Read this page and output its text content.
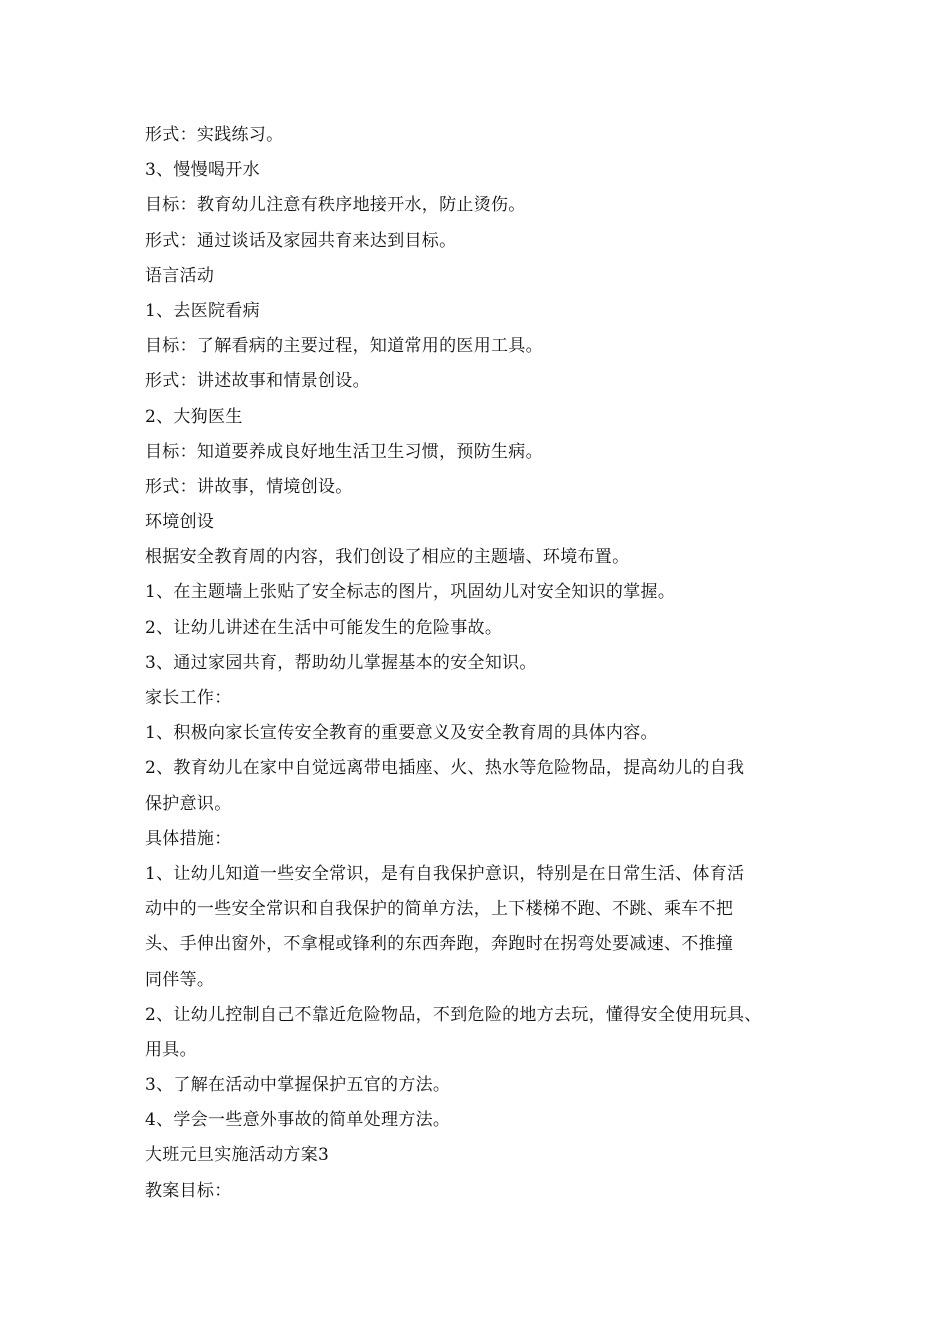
形式：实践练习。
3、慢慢喝开水
目标：教育幼儿注意有秩序地接开水，防止烫伤。
形式：通过谈话及家园共育来达到目标。
语言活动
1、去医院看病
目标：了解看病的主要过程，知道常用的医用工具。
形式：讲述故事和情景创设。
2、大狗医生
目标：知道要养成良好地生活卫生习惯，预防生病。
形式：讲故事，情境创设。
环境创设
根据安全教育周的内容，我们创设了相应的主题墙、环境布置。
1、在主题墙上张贴了安全标志的图片，巩固幼儿对安全知识的掌握。
2、让幼儿讲述在生活中可能发生的危险事故。
3、通过家园共育，帮助幼儿掌握基本的安全知识。
家长工作：
1、积极向家长宣传安全教育的重要意义及安全教育周的具体内容。
2、教育幼儿在家中自觉远离带电插座、火、热水等危险物品，提高幼儿的自我
保护意识。
具体措施：
1、让幼儿知道一些安全常识，是有自我保护意识，特别是在日常生活、体育活
动中的一些安全常识和自我保护的简单方法，上下楼梯不跑、不跳、乘车不把
头、手伸出窗外，不拿棍或锋利的东西奔跑，奔跑时在拐弯处要减速、不推撞
同伴等。
2、让幼儿控制自己不靠近危险物品，不到危险的地方去玩，懂得安全使用玩具、
用具。
3、了解在活动中掌握保护五官的方法。
4、学会一些意外事故的简单处理方法。
大班元旦实施活动方案3
教案目标：
